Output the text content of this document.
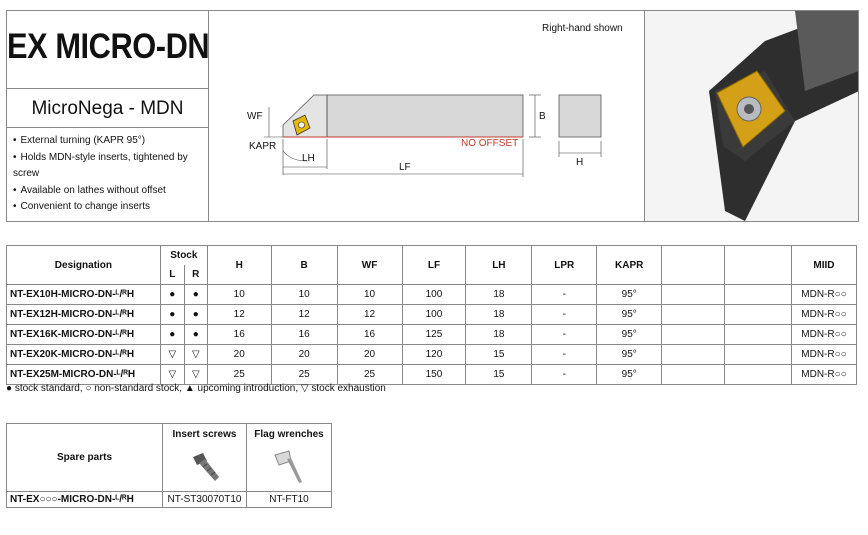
EX MICRO-DN
MicroNega - MDN
• External turning (KAPR 95°)
• Holds MDN-style inserts, tightened by screw
• Available on lathes without offset
• Convenient to change inserts
Right-hand shown
WF
KAPR
LH
LF
B
H
NO OFFSET
Designation	Stock		H	B	WF	LF	LH	LPR	KAPR			MIID
	L	R										
NT-EX10H-MICRO-DN-ᴸ/ᴿH	●	●	10	10	10	100	18	-	95°			MDN-R○○
NT-EX12H-MICRO-DN-ᴸ/ᴿH	●	●	12	12	12	100	18	-	95°			MDN-R○○
NT-EX16K-MICRO-DN-ᴸ/ᴿH	●	●	16	16	16	125	18	-	95°			MDN-R○○
NT-EX20K-MICRO-DN-ᴸ/ᴿH	▽	▽	20	20	20	120	15	-	95°			MDN-R○○
NT-EX25M-MICRO-DN-ᴸ/ᴿH	▽	▽	25	25	25	150	15	-	95°			MDN-R○○
● stock standard, ○ non-standard stock, ▲ upcoming introduction, ▽ stock exhaustion
Spare parts	Insert screws	Flag wrenches

NT-EX○○○-MICRO-DN-ᴸ/ᴿH	NT-ST30070T10	NT-FT10
